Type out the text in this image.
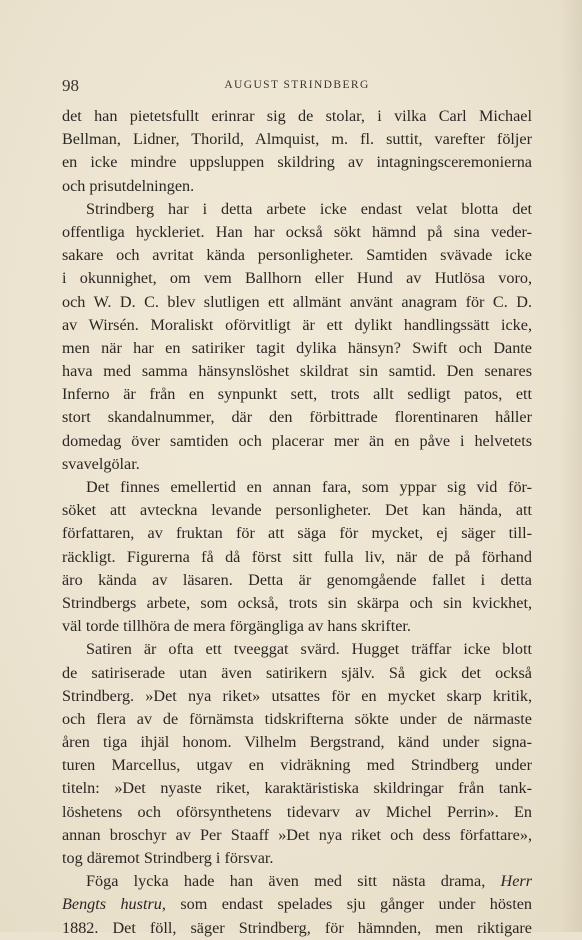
98	AUGUST STRINDBERG
det han pietetsfullt erinrar sig de stolar, i vilka Carl Michael
Bellman, Lidner, Thorild, Almquist, m. fl. suttit, varefter följer
en icke mindre uppsluppen skildring av intagningsceremonierna
och prisutdelningen.
Strindberg har i detta arbete icke endast velat blotta det
offentliga hyckleriet. Han har också sökt hämnd på sina veder-
sakare och avritat kända personligheter. Samtiden svävade icke
i okunnighet, om vem Ballhorn eller Hund av Hutlösa voro,
och W. D. C. blev slutligen ett allmänt använt anagram för C. D.
av Wirsén. Moraliskt oförvitligt är ett dylikt handlingssätt icke,
men när har en satiriker tagit dylika hänsyn? Swift och Dante
hava med samma hänsynslöshet skildrat sin samtid. Den senares
Inferno är från en synpunkt sett, trots allt sedligt patos, ett
stort skandalnummer, där den förbittrade florentinaren håller
domedag över samtiden och placerar mer än en påve i helvetets
svavelgölar.
Det finnes emellertid en annan fara, som yppar sig vid för-
söket att avteckna levande personligheter. Det kan hända, att
författaren, av fruktan för att säga för mycket, ej säger till-
räckligt. Figurerna få då först sitt fulla liv, när de på förhand
äro kända av läsaren. Detta är genomgående fallet i detta
Strindbergs arbete, som också, trots sin skärpa och sin kvickhet,
väl torde tillhöra de mera förgängliga av hans skrifter.
Satiren är ofta ett tveeggat svärd. Hugget träffar icke blott
de satiriserade utan även satirikern själv. Så gick det också
Strindberg. »Det nya riket» utsattes för en mycket skarp kritik,
och flera av de förnämsta tidskrifterna sökte under de närmaste
åren tiga ihjäl honom. Vilhelm Bergstrand, känd under signa-
turen Marcellus, utgav en vidräkning med Strindberg under
titeln: »Det nyaste riket, karaktäristiska skildringar från tank-
löshetens och oförsynthetens tidevarv av Michel Perrin». En
annan broschyr av Per Staaff »Det nya riket och dess författare»,
tog däremot Strindberg i försvar.
Föga lycka hade han även med sitt nästa drama, Herr
Bengts hustru, som endast spelades sju gånger under hösten
1882. Det föll, säger Strindberg, för hämnden, men riktigare
